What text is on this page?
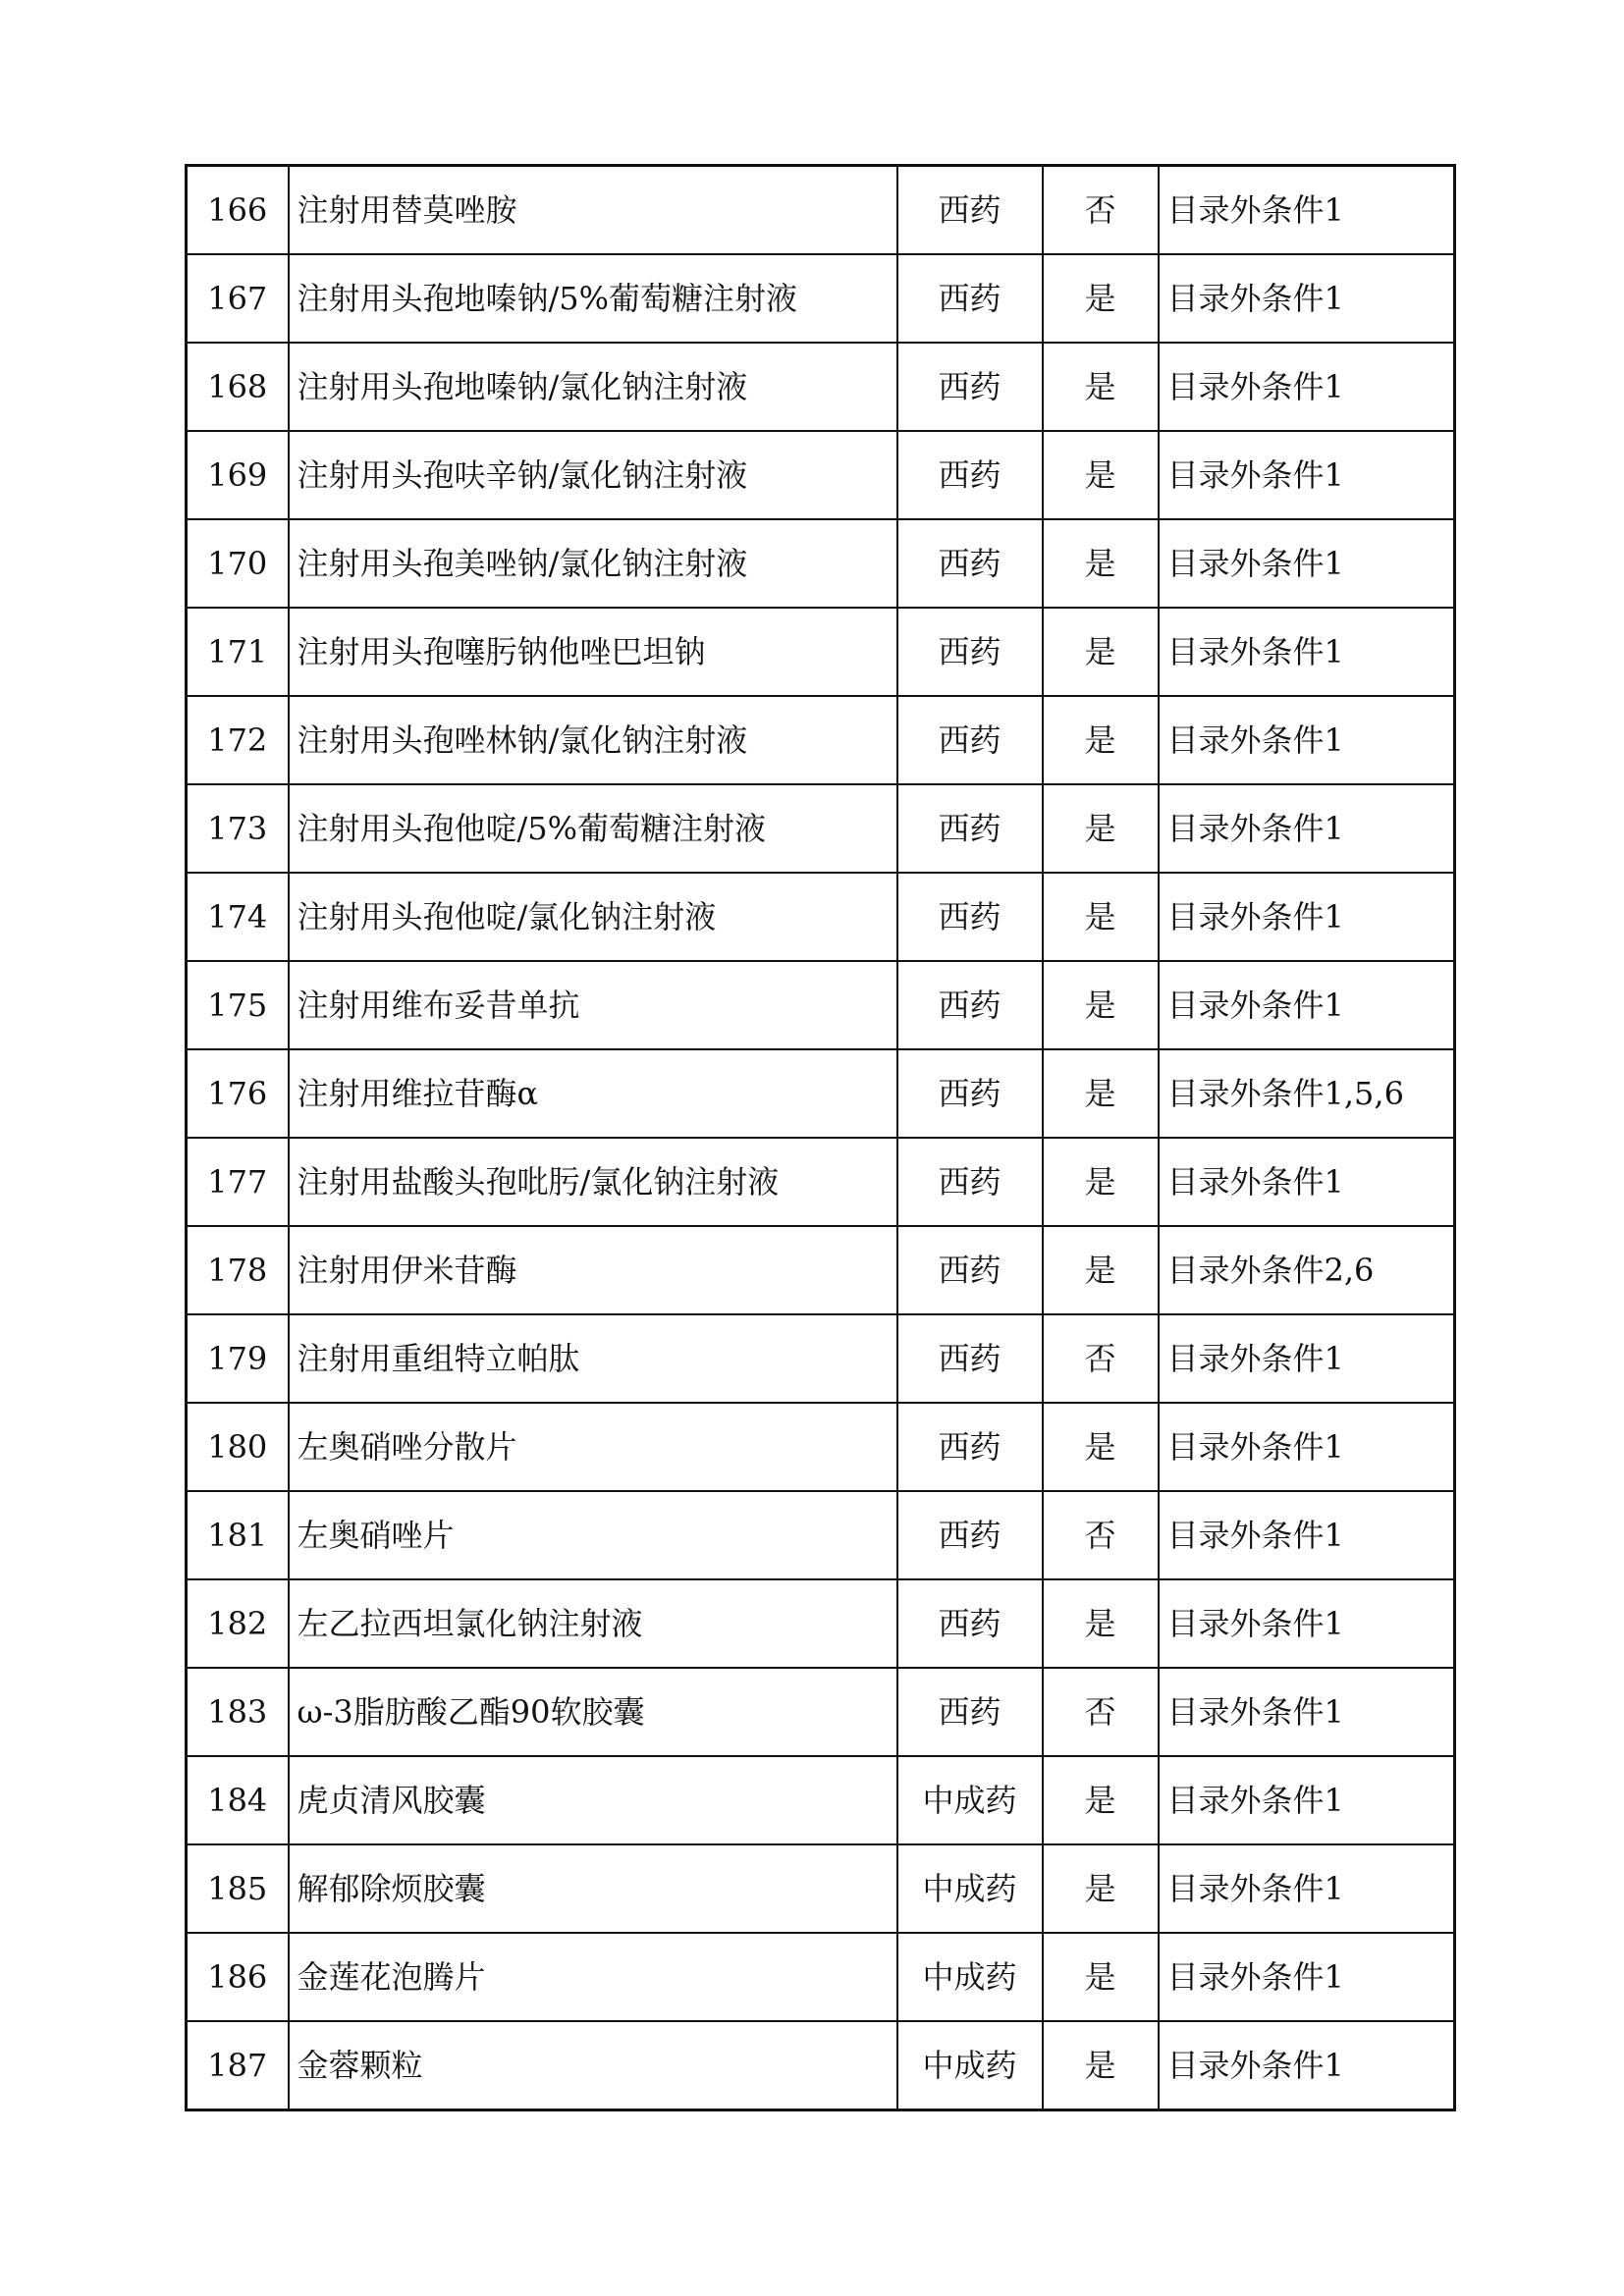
166	注射用替莫唑胺	西药	否	目录外条件1
167	注射用头孢地嗪钠/5%葡萄糖注射液	西药	是	目录外条件1
168	注射用头孢地嗪钠/氯化钠注射液	西药	是	目录外条件1
169	注射用头孢呋辛钠/氯化钠注射液	西药	是	目录外条件1
170	注射用头孢美唑钠/氯化钠注射液	西药	是	目录外条件1
171	注射用头孢噻肟钠他唑巴坦钠	西药	是	目录外条件1
172	注射用头孢唑林钠/氯化钠注射液	西药	是	目录外条件1
173	注射用头孢他啶/5%葡萄糖注射液	西药	是	目录外条件1
174	注射用头孢他啶/氯化钠注射液	西药	是	目录外条件1
175	注射用维布妥昔单抗	西药	是	目录外条件1
176	注射用维拉苷酶α	西药	是	目录外条件1,5,6
177	注射用盐酸头孢吡肟/氯化钠注射液	西药	是	目录外条件1
178	注射用伊米苷酶	西药	是	目录外条件2,6
179	注射用重组特立帕肽	西药	否	目录外条件1
180	左奥硝唑分散片	西药	是	目录外条件1
181	左奥硝唑片	西药	否	目录外条件1
182	左乙拉西坦氯化钠注射液	西药	是	目录外条件1
183	ω-3脂肪酸乙酯90软胶囊	西药	否	目录外条件1
184	虎贞清风胶囊	中成药	是	目录外条件1
185	解郁除烦胶囊	中成药	是	目录外条件1
186	金莲花泡腾片	中成药	是	目录外条件1
187	金蓉颗粒	中成药	是	目录外条件1
